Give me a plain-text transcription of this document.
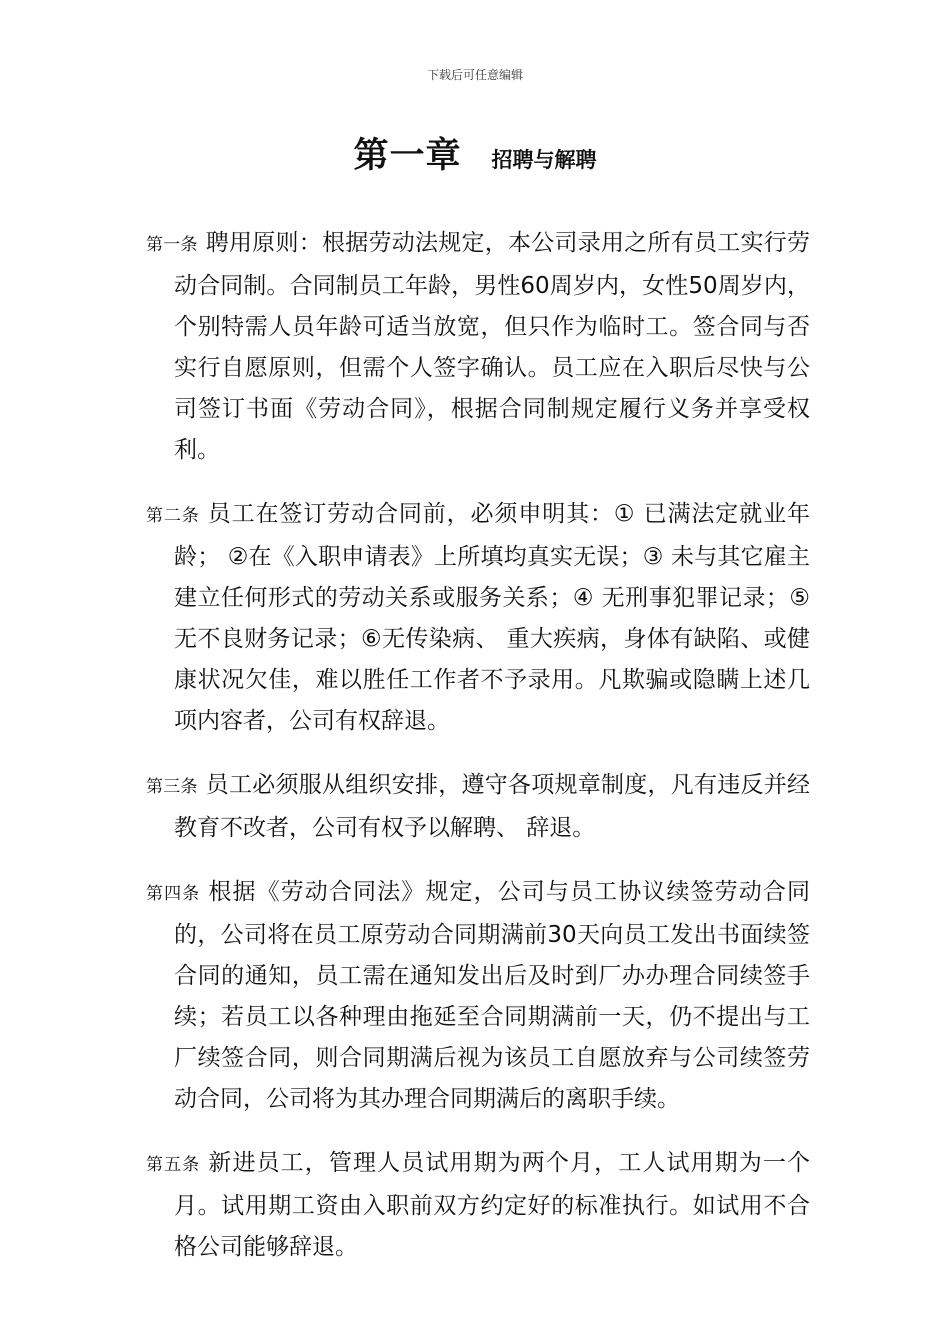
下载后可任意编辑
第一章 招聘与解聘

第一条 聘用原则：根据劳动法规定，本公司录用之所有员工实行劳动合同制。合同制员工年龄，男性60周岁内，女性50周岁内，个别特需人员年龄可适当放宽，但只作为临时工。签合同与否实行自愿原则，但需个人签字确认。员工应在入职后尽快与公司签订书面《劳动合同》，根据合同制规定履行义务并享受权利。

第二条 员工在签订劳动合同前，必须申明其：① 已满法定就业年龄； ②在《入职申请表》上所填均真实无误；③ 未与其它雇主建立任何形式的劳动关系或服务关系；④ 无刑事犯罪记录；⑤无不良财务记录；⑥无传染病、 重大疾病，身体有缺陷、或健康状况欠佳，难以胜任工作者不予录用。凡欺骗或隐瞒上述几项内容者，公司有权辞退。

第三条 员工必须服从组织安排，遵守各项规章制度，凡有违反并经教育不改者，公司有权予以解聘、 辞退。

第四条 根据《劳动合同法》规定，公司与员工协议续签劳动合同的，公司将在员工原劳动合同期满前30天向员工发出书面续签合同的通知，员工需在通知发出后及时到厂办办理合同续签手续；若员工以各种理由拖延至合同期满前一天，仍不提出与工厂续签合同，则合同期满后视为该员工自愿放弃与公司续签劳动合同，公司将为其办理合同期满后的离职手续。

第五条 新进员工，管理人员试用期为两个月，工人试用期为一个月。试用期工资由入职前双方约定好的标准执行。如试用不合格公司能够辞退。
